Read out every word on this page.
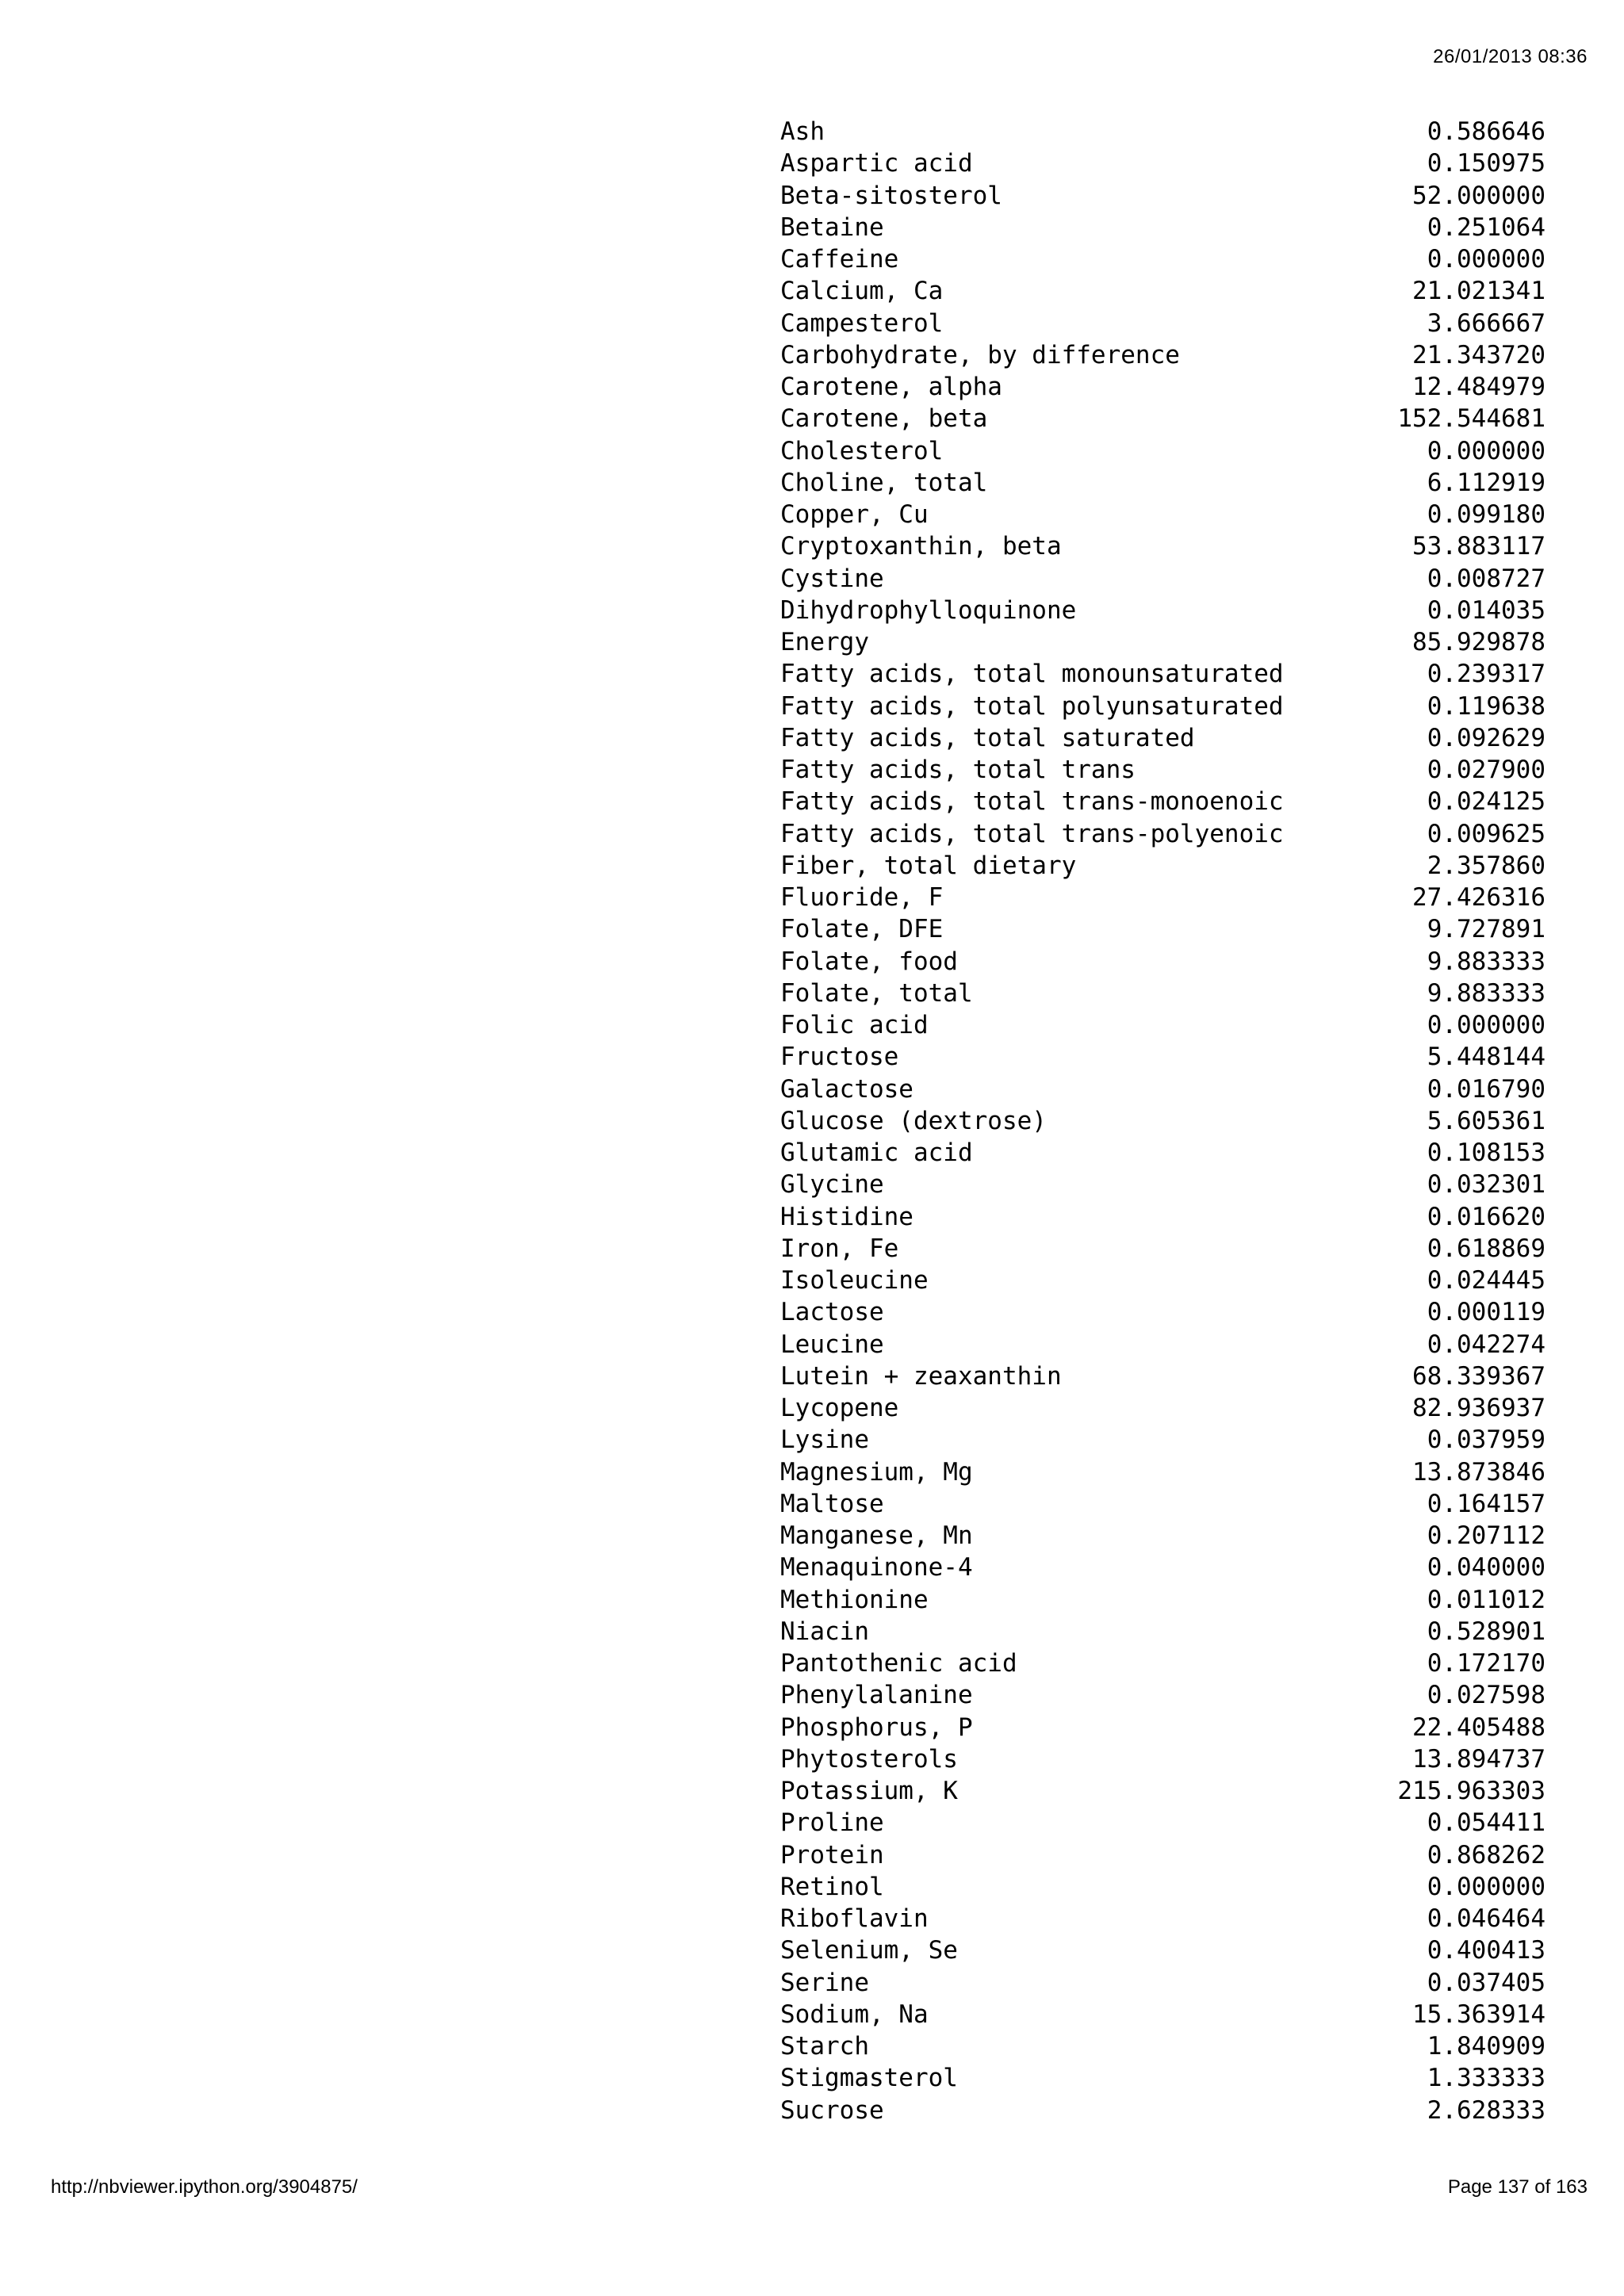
26/01/2013 08:36
Ash	0.586646
Aspartic acid	0.150975
Beta-sitosterol	52.000000
Betaine	0.251064
Caffeine	0.000000
Calcium, Ca	21.021341
Campesterol	3.666667
Carbohydrate, by difference	21.343720
Carotene, alpha	12.484979
Carotene, beta	152.544681
Cholesterol	0.000000
Choline, total	6.112919
Copper, Cu	0.099180
Cryptoxanthin, beta	53.883117
Cystine	0.008727
Dihydrophylloquinone	0.014035
Energy	85.929878
Fatty acids, total monounsaturated	0.239317
Fatty acids, total polyunsaturated	0.119638
Fatty acids, total saturated	0.092629
Fatty acids, total trans	0.027900
Fatty acids, total trans-monoenoic	0.024125
Fatty acids, total trans-polyenoic	0.009625
Fiber, total dietary	2.357860
Fluoride, F	27.426316
Folate, DFE	9.727891
Folate, food	9.883333
Folate, total	9.883333
Folic acid	0.000000
Fructose	5.448144
Galactose	0.016790
Glucose (dextrose)	5.605361
Glutamic acid	0.108153
Glycine	0.032301
Histidine	0.016620
Iron, Fe	0.618869
Isoleucine	0.024445
Lactose	0.000119
Leucine	0.042274
Lutein + zeaxanthin	68.339367
Lycopene	82.936937
Lysine	0.037959
Magnesium, Mg	13.873846
Maltose	0.164157
Manganese, Mn	0.207112
Menaquinone-4	0.040000
Methionine	0.011012
Niacin	0.528901
Pantothenic acid	0.172170
Phenylalanine	0.027598
Phosphorus, P	22.405488
Phytosterols	13.894737
Potassium, K	215.963303
Proline	0.054411
Protein	0.868262
Retinol	0.000000
Riboflavin	0.046464
Selenium, Se	0.400413
Serine	0.037405
Sodium, Na	15.363914
Starch	1.840909
Stigmasterol	1.333333
Sucrose	2.628333
http://nbviewer.ipython.org/3904875/	Page 137 of 163
